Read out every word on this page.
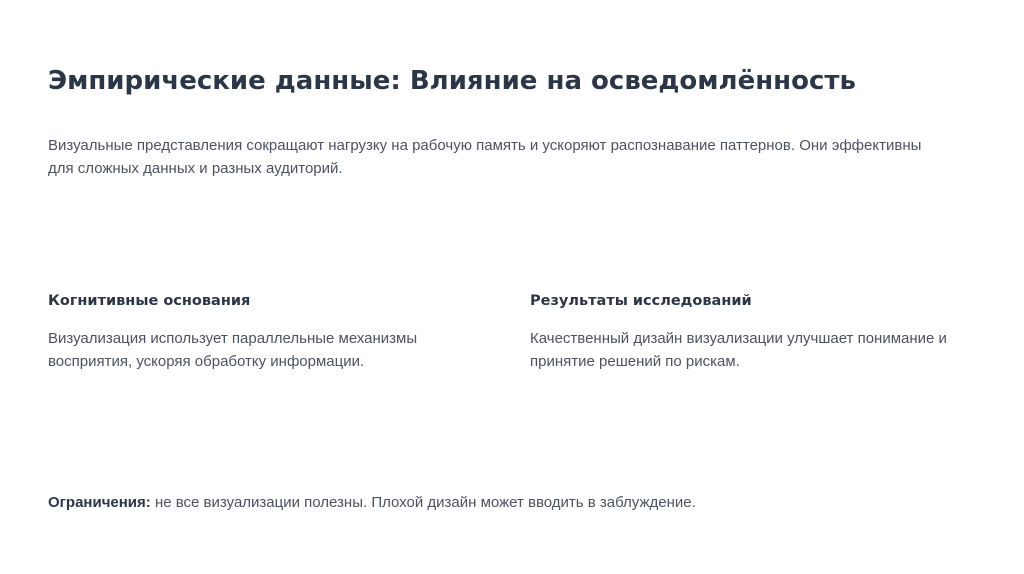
Эмпирические данные: Влияние на осведомлённость

Визуальные представления сокращают нагрузку на рабочую память и ускоряют распознавание паттернов. Они эффективны для сложных данных и разных аудиторий.

Когнитивные основания

Визуализация использует параллельные механизмы восприятия, ускоряя обработку информации.

Результаты исследований

Качественный дизайн визуализации улучшает понимание и принятие решений по рискам.

Ограничения: не все визуализации полезны. Плохой дизайн может вводить в заблуждение.
